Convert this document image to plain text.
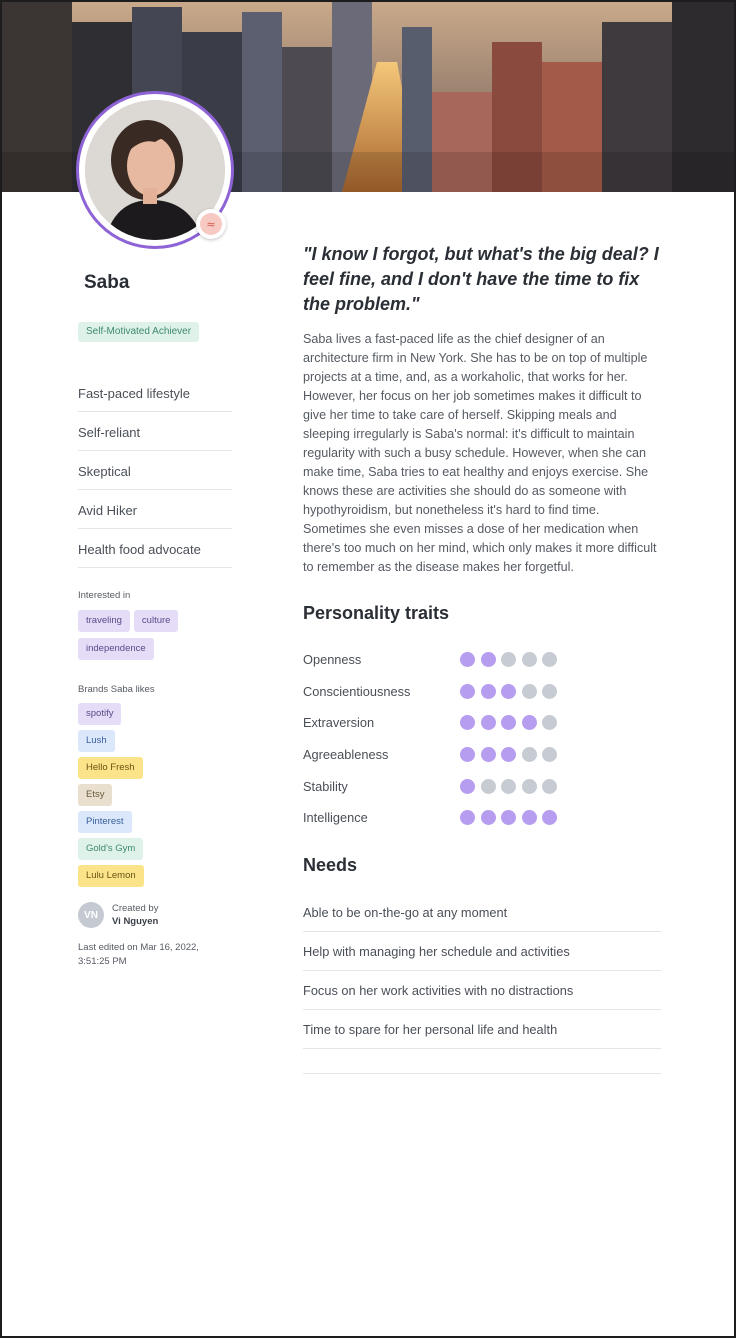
≈
Saba
Self-Motivated Achiever
Fast-paced lifestyle
Self-reliant
Skeptical
Avid Hiker
Health food advocate
Interested in
traveling cultureindependence
Brands Saba likes
spotify
Lush
Hello Fresh
Etsy
Pinterest
Gold's Gym
Lulu Lemon
VN
Created by
Vi Nguyen
Last edited on Mar 16, 2022, 3:51:25 PM
"I know I forgot, but what's the big deal? I feel fine, and I don't have the time to fix the problem."
Saba lives a fast-paced life as the chief designer of an architecture firm in New York. She has to be on top of multiple projects at a time, and, as a workaholic, that works for her. However, her focus on her job sometimes makes it difficult to give her time to take care of herself. Skipping meals and sleeping irregularly is Saba's normal: it's difficult to maintain regularity with such a busy schedule. However, when she can make time, Saba tries to eat healthy and enjoys exercise. She knows these are activities she should do as someone with hypothyroidism, but nonetheless it's hard to find time. Sometimes she even misses a dose of her medication when there's too much on her mind, which only makes it more difficult to remember as the disease makes her forgetful.
Personality traits
Openness
Conscientiousness
Extraversion
Agreeableness
Stability
Intelligence
Needs
Able to be on-the-go at any moment
Help with managing her schedule and activities
Focus on her work activities with no distractions
Time to spare for her personal life and health
